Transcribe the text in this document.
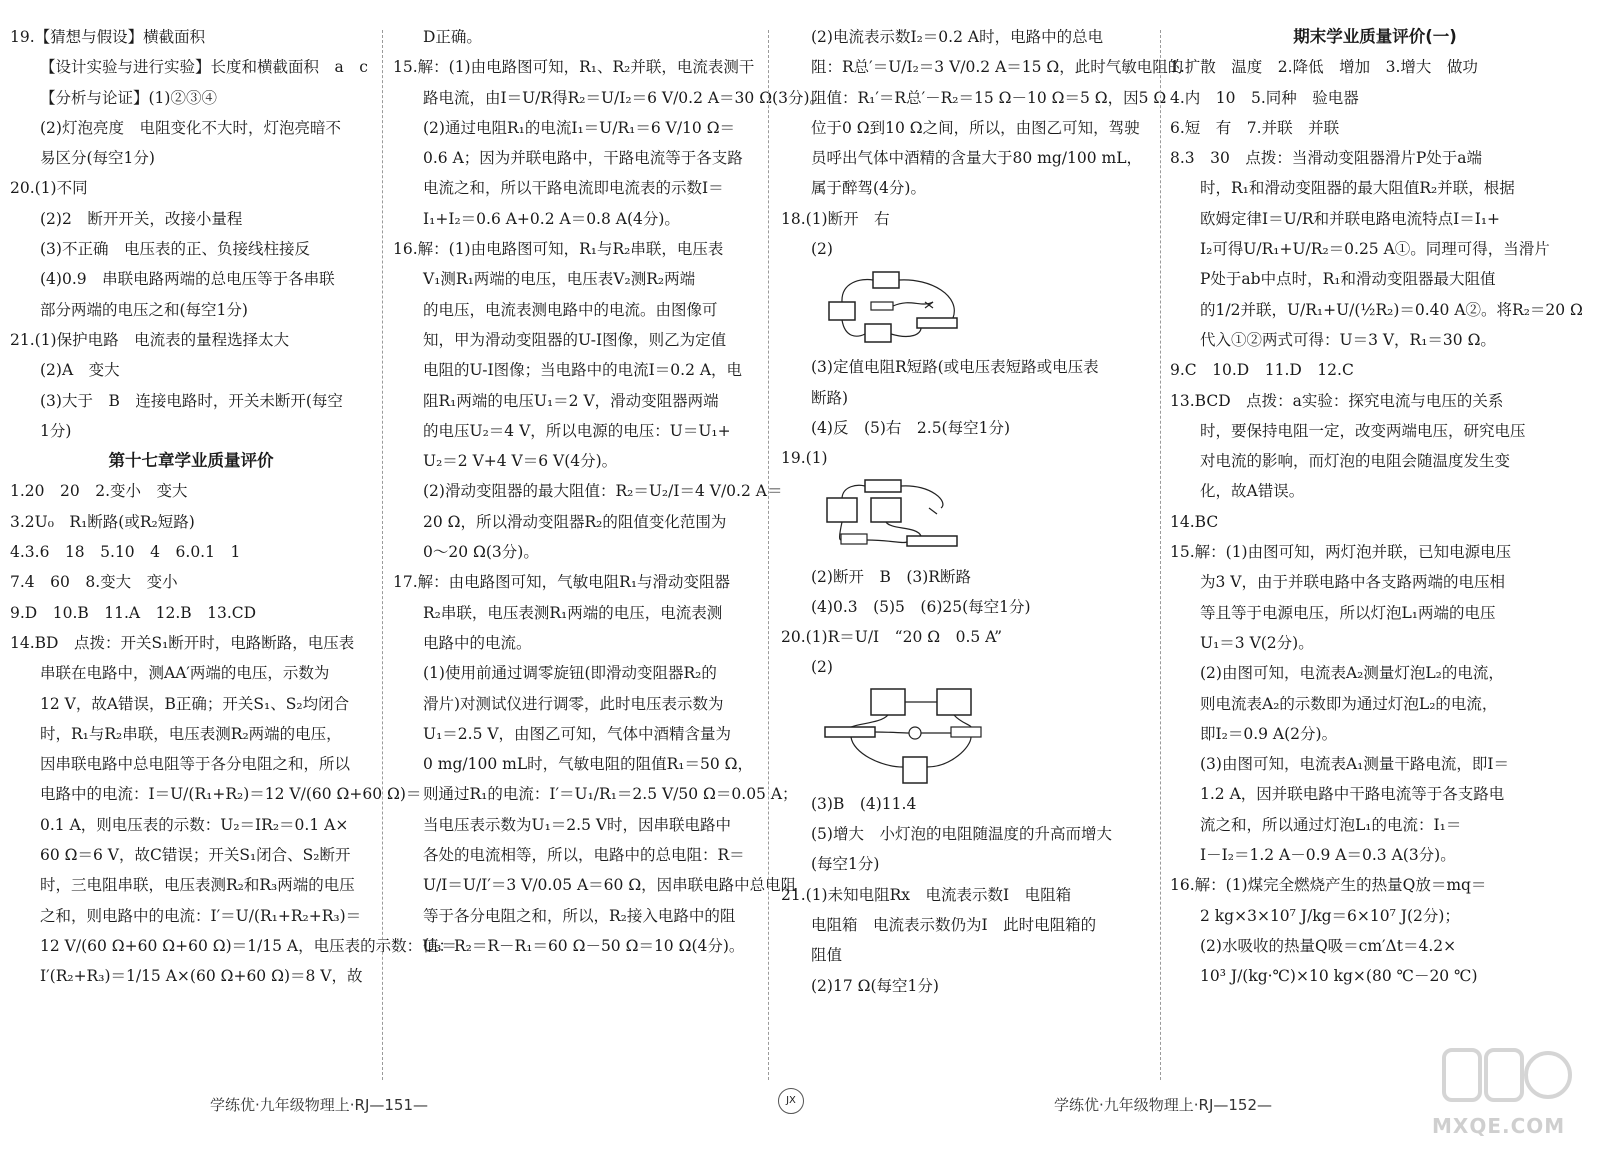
19.【猜想与假设】横截面积
【设计实验与进行实验】长度和横截面积　a　c
【分析与论证】(1)②③④
(2)灯泡亮度　电阻变化不大时，灯泡亮暗不
易区分(每空1分)
20.(1)不同
(2)2　断开开关，改接小量程
(3)不正确　电压表的正、负接线柱接反
(4)0.9　串联电路两端的总电压等于各串联
部分两端的电压之和(每空1分)
21.(1)保护电路　电流表的量程选择太大
(2)A　变大
(3)大于　B　连接电路时，开关未断开(每空
1分)
第十七章学业质量评价
1.20　20　2.变小　变大
3.2U₀　R₁断路(或R₂短路)
4.3.6　18　5.10　4　6.0.1　1
7.4　60　8.变大　变小
9.D　10.B　11.A　12.B　13.CD
14.BD　点拨：开关S₁断开时，电路断路，电压表
串联在电路中，测AA′两端的电压，示数为
12 V，故A错误，B正确；开关S₁、S₂均闭合
时，R₁与R₂串联，电压表测R₂两端的电压，
因串联电路中总电阻等于各分电阻之和，所以
电路中的电流：I＝U/(R₁+R₂)＝12 V/(60 Ω+60 Ω)＝
0.1 A，则电压表的示数：U₂＝IR₂＝0.1 A×
60 Ω＝6 V，故C错误；开关S₁闭合、S₂断开
时，三电阻串联，电压表测R₂和R₃两端的电压
之和，则电路中的电流：I′＝U/(R₁+R₂+R₃)＝
12 V/(60 Ω+60 Ω+60 Ω)＝1/15 A，电压表的示数：U₃＝
I′(R₂+R₃)＝1/15 A×(60 Ω+60 Ω)＝8 V，故
D正确。
15.解：(1)由电路图可知，R₁、R₂并联，电流表测干
路电流，由I＝U/R得R₂＝U/I₂＝6 V/0.2 A＝30 Ω(3分)。
(2)通过电阻R₁的电流I₁＝U/R₁＝6 V/10 Ω＝
0.6 A；因为并联电路中，干路电流等于各支路
电流之和，所以干路电流即电流表的示数I＝
I₁+I₂＝0.6 A+0.2 A＝0.8 A(4分)。
16.解：(1)由电路图可知，R₁与R₂串联，电压表
V₁测R₁两端的电压，电压表V₂测R₂两端
的电压，电流表测电路中的电流。由图像可
知，甲为滑动变阻器的U-I图像，则乙为定值
电阻的U-I图像；当电路中的电流I＝0.2 A，电
阻R₁两端的电压U₁＝2 V，滑动变阻器两端
的电压U₂＝4 V，所以电源的电压：U＝U₁+
U₂＝2 V+4 V＝6 V(4分)。
(2)滑动变阻器的最大阻值：R₂＝U₂/I＝4 V/0.2 A＝
20 Ω，所以滑动变阻器R₂的阻值变化范围为
0～20 Ω(3分)。
17.解：由电路图可知，气敏电阻R₁与滑动变阻器
R₂串联，电压表测R₁两端的电压，电流表测
电路中的电流。
(1)使用前通过调零旋钮(即滑动变阻器R₂的
滑片)对测试仪进行调零，此时电压表示数为
U₁＝2.5 V，由图乙可知，气体中酒精含量为
0 mg/100 mL时，气敏电阻的阻值R₁＝50 Ω，
则通过R₁的电流：I′＝U₁/R₁＝2.5 V/50 Ω＝0.05 A；
当电压表示数为U₁＝2.5 V时，因串联电路中
各处的电流相等，所以，电路中的总电阻：R＝
U/I＝U/I′＝3 V/0.05 A＝60 Ω，因串联电路中总电阻
等于各分电阻之和，所以，R₂接入电路中的阻
值：R₂＝R－R₁＝60 Ω－50 Ω＝10 Ω(4分)。
(2)电流表示数I₂＝0.2 A时，电路中的总电
阻：R总′＝U/I₂＝3 V/0.2 A＝15 Ω，此时气敏电阻的
阻值：R₁′＝R总′－R₂＝15 Ω－10 Ω＝5 Ω，因5 Ω
位于0 Ω到10 Ω之间，所以，由图乙可知，驾驶
员呼出气体中酒精的含量大于80 mg/100 mL，
属于醉驾(4分)。
18.(1)断开　右
(2)
(3)定值电阻R短路(或电压表短路或电压表
断路)
(4)反　(5)右　2.5(每空1分)
19.(1)
(2)断开　B　(3)R断路
(4)0.3　(5)5　(6)25(每空1分)
20.(1)R＝U/I　“20 Ω　0.5 A”
(2)
(3)B　(4)11.4
(5)增大　小灯泡的电阻随温度的升高而增大
(每空1分)
21.(1)未知电阻Rx　电流表示数I　电阻箱
电阻箱　电流表示数仍为I　此时电阻箱的
阻值
(2)17 Ω(每空1分)
期末学业质量评价(一)
1.扩散　温度　2.降低　增加　3.增大　做功
4.内　10　5.同种　验电器
6.短　有　7.并联　并联
8.3　30　点拨：当滑动变阻器滑片P处于a端
时，R₁和滑动变阻器的最大阻值R₂并联，根据
欧姆定律I＝U/R和并联电路电流特点I＝I₁+
I₂可得U/R₁+U/R₂＝0.25 A①。同理可得，当滑片
P处于ab中点时，R₁和滑动变阻器最大阻值
的1/2并联，U/R₁+U/(½R₂)＝0.40 A②。将R₂＝20 Ω
代入①②两式可得：U＝3 V，R₁＝30 Ω。
9.C　10.D　11.D　12.C
13.BCD　点拨：a实验：探究电流与电压的关系
时，要保持电阻一定，改变两端电压，研究电压
对电流的影响，而灯泡的电阻会随温度发生变
化，故A错误。
14.BC
15.解：(1)由图可知，两灯泡并联，已知电源电压
为3 V，由于并联电路中各支路两端的电压相
等且等于电源电压，所以灯泡L₁两端的电压
U₁＝3 V(2分)。
(2)由图可知，电流表A₂测量灯泡L₂的电流，
则电流表A₂的示数即为通过灯泡L₂的电流，
即I₂＝0.9 A(2分)。
(3)由图可知，电流表A₁测量干路电流，即I＝
1.2 A，因并联电路中干路电流等于各支路电
流之和，所以通过灯泡L₁的电流：I₁＝
I－I₂＝1.2 A－0.9 A＝0.3 A(3分)。
16.解：(1)煤完全燃烧产生的热量Q放＝mq＝
2 kg×3×10⁷ J/kg＝6×10⁷ J(2分)；
(2)水吸收的热量Q吸＝cm′Δt＝4.2×
10³ J/(kg·℃)×10 kg×(80 ℃－20 ℃)
学练优·九年级物理上·RJ—151—	JX	学练优·九年级物理上·RJ—152—
MXQE.COM
